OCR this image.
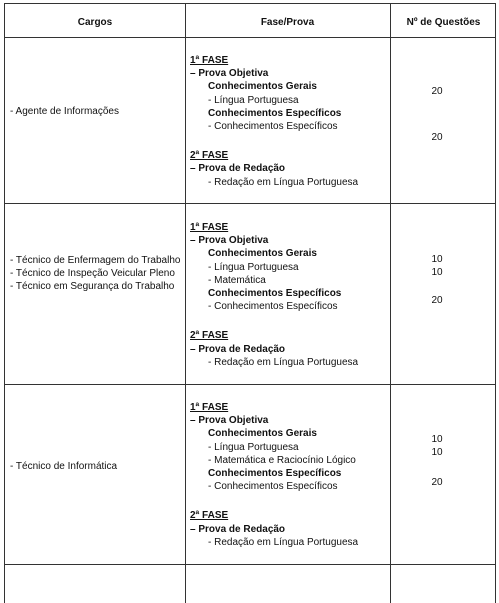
Cargos	Fase/Prova	Nº de Questões
- Agente de Informações
1ª FASE
– Prova Objetiva
Conhecimentos Gerais
- Língua Portuguesa
Conhecimentos Específicos
- Conhecimentos Específicos
2ª FASE
– Prova de Redação
- Redação em Língua Portuguesa
20
20
- Técnico de Enfermagem do Trabalho
- Técnico de Inspeção Veicular Pleno
- Técnico em Segurança do Trabalho
1ª FASE
– Prova Objetiva
Conhecimentos Gerais
- Língua Portuguesa
- Matemática
Conhecimentos Específicos
- Conhecimentos Específicos
2ª FASE
– Prova de Redação
- Redação em Língua Portuguesa
10
10
20
- Técnico de Informática
1ª FASE
– Prova Objetiva
Conhecimentos Gerais
- Língua Portuguesa
- Matemática e Raciocínio Lógico
Conhecimentos Específicos
- Conhecimentos Específicos
2ª FASE
– Prova de Redação
- Redação em Língua Portuguesa
10
10
20
